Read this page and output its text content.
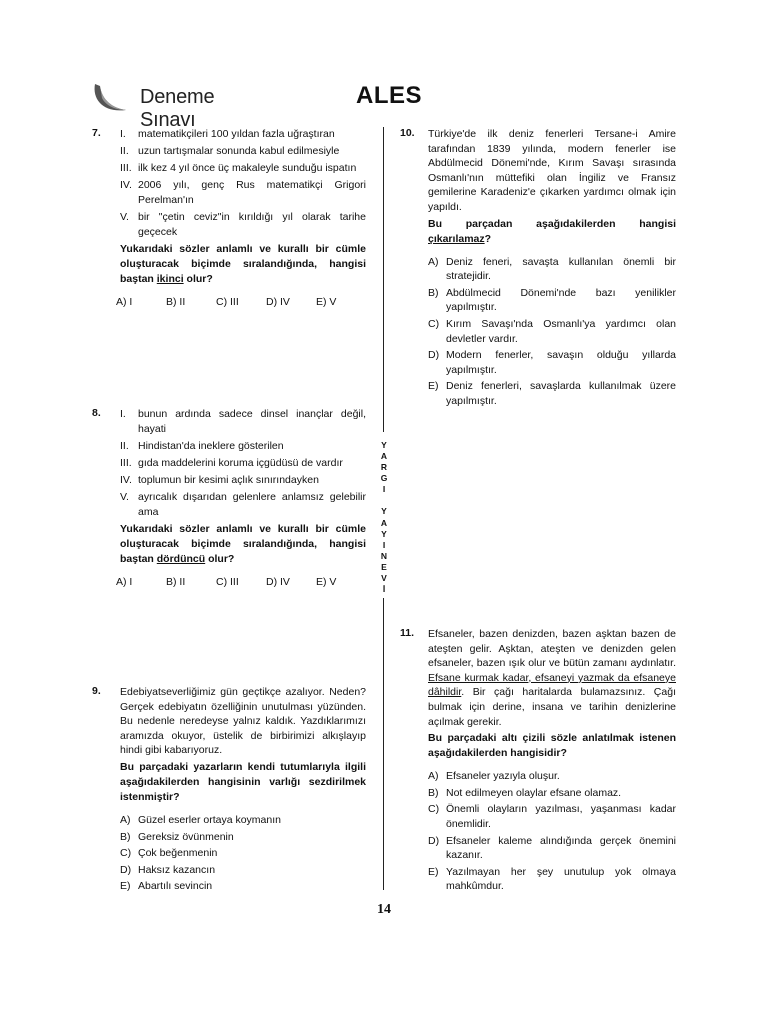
Deneme Sınavı
ALES
Y
A
R
G
I
Y
A
Y
I
N
E
V
İ
7. I.	matematikçileri 100 yıldan fazla uğraştıran
II. uzun tartışmalar sonunda kabul edilmesiyle
III. ilk kez 4 yıl önce üç makaleyle sunduğu ispatın
IV. 2006 yılı, genç Rus matematikçi Grigori Perelman'ın
V. bir "çetin ceviz"in kırıldığı yıl olarak tarihe geçecek
Yukarıdaki sözler anlamlı ve kurallı bir cümle oluşturacak biçimde sıralandığında, hangisi baştan ikinci olur?
A) I	B) II	C) III	D) IV	E) V
8. I.	bunun ardında sadece dinsel inançlar değil, hayati
II. Hindistan'da ineklere gösterilen
III. gıda maddelerini koruma içgüdüsü de vardır
IV. toplumun bir kesimi açlık sınırındayken
V. ayrıcalık dışarıdan gelenlere anlamsız gelebilir ama
Yukarıdaki sözler anlamlı ve kurallı bir cümle oluşturacak biçimde sıralandığında, hangisi baştan dördüncü olur?
A) I	B) II	C) III	D) IV	E) V
9. Edebiyatseverliğimiz gün geçtikçe azalıyor. Neden? Gerçek edebiyatın özelliğinin unutulması yüzünden. Bu nedenle neredeyse yalnız kaldık. Yazdıklarımızı aramızda okuyor, üstelik de birbirimizi alkışlayıp hindi gibi kabarıyoruz.
Bu parçadaki yazarların kendi tutumlarıyla ilgili aşağıdakilerden hangisinin varlığı sezdirilmek istenmiştir?
A) Güzel eserler ortaya koymanın
B) Gereksiz övünmenin
C) Çok beğenmenin
D) Haksız kazancın
E) Abartılı sevincin
10. Türkiye'de ilk deniz fenerleri Tersane-i Amire tarafından 1839 yılında, modern fenerler ise Abdülmecid Dönemi'nde, Kırım Savaşı sırasında Osmanlı'nın müttefiki olan İngiliz ve Fransız gemilerine Karadeniz'e çıkarken yardımcı olmak için yapıldı.
Bu parçadan aşağıdakilerden hangisi çıkarılamaz?
A) Deniz feneri, savaşta kullanılan önemli bir stratejidir.
B) Abdülmecid Dönemi'nde bazı yenilikler yapılmıştır.
C) Kırım Savaşı'nda Osmanlı'ya yardımcı olan devletler vardır.
D) Modern fenerler, savaşın olduğu yıllarda yapılmıştır.
E) Deniz fenerleri, savaşlarda kullanılmak üzere yapılmıştır.
11. Efsaneler, bazen denizden, bazen aşktan bazen de ateşten gelir. Aşktan, ateşten ve denizden gelen efsaneler, bazen ışık olur ve bütün zamanı aydınlatır. Efsane kurmak kadar, efsaneyi yazmak da efsaneye dâhildir. Bir çağı haritalarda bulamazsınız. Çağı bulmak için derine, insana ve tarihin denizlerine açılmak gerekir.
Bu parçadaki altı çizili sözle anlatılmak istenen aşağıdakilerden hangisidir?
A) Efsaneler yazıyla oluşur.
B) Not edilmeyen olaylar efsane olamaz.
C) Önemli olayların yazılması, yaşanması kadar önemlidir.
D) Efsaneler kaleme alındığında gerçek önemini kazanır.
E) Yazılmayan her şey unutulup yok olmaya mahkûmdur.
14
